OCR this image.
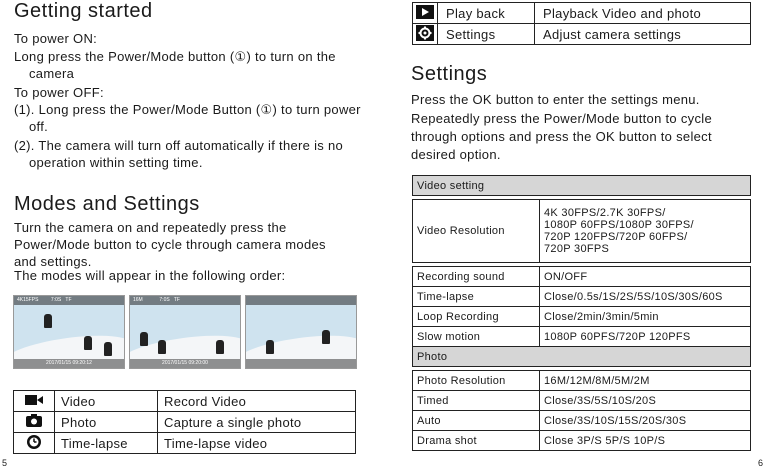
Getting started

To power ON:

Long press the Power/Mode button (①) to turn on the camera

To power OFF:

(1). Long press the Power/Mode Button (①) to turn power off.

(2). The camera will turn off automatically if there is no operation within setting time.

Modes and Settings

Turn the camera on and repeatedly press the Power/Mode button to cycle through camera modes and settings.

The modes will appear in the following order:

4K15FPS	7:0S TF
2017/01/15 09:20:12
16M	7:0S TF
2017/01/15 09:20:00
	Video	Record Video
	Photo	Capture a single photo
	Time-lapse	Time-lapse video
5
	Play back	Playback Video and photo
	Settings	Adjust camera settings
Settings

Press the OK button to enter the settings menu.

Repeatedly press the Power/Mode button to cycle through options and press the OK button to select desired option.

Video setting	

Video Resolution	4K 30FPS/2.7K 30FPS/
1080P 60FPS/1080P 30FPS/
720P 120FPS/720P 60FPS/
720P 30FPS

Recording sound	ON/OFF
Time-lapse	Close/0.5s/1S/2S/5S/10S/30S/60S
Loop Recording	Close/2min/3min/5min
Slow motion	1080P 60PFS/720P 120PFS
Photo	

Photo Resolution	16M/12M/8M/5M/2M
Timed	Close/3S/5S/10S/20S
Auto	Close/3S/10S/15S/20S/30S
Drama shot	Close 3P/S 5P/S 10P/S
6
